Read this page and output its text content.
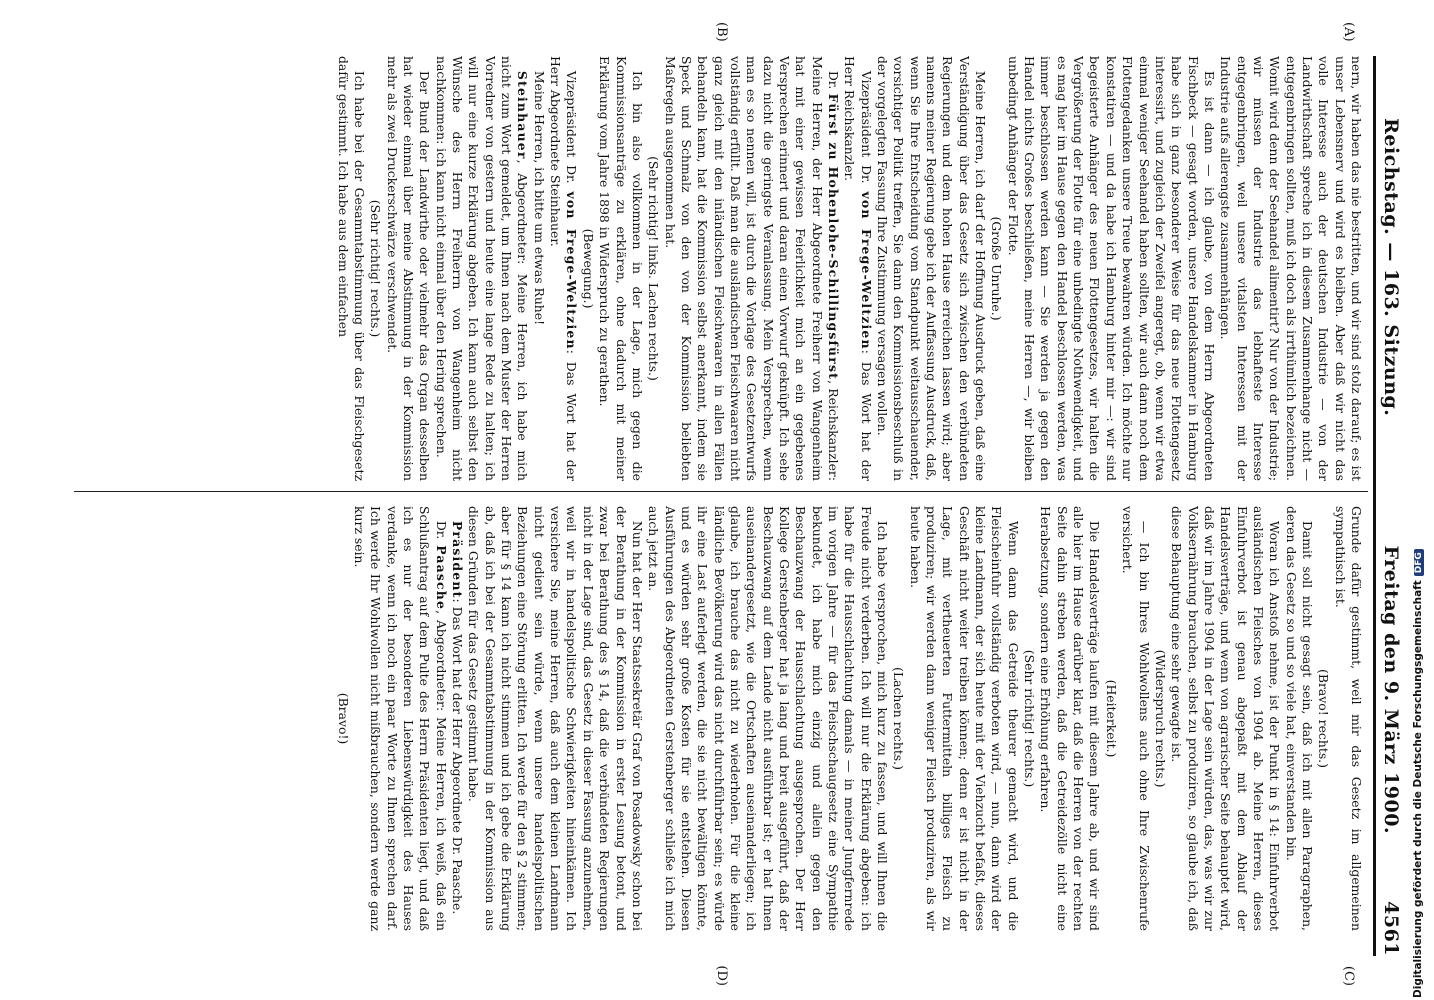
(A)
(B)
(C)
(D)
Reichstag. — 163. Sitzung.
Freitag den 9. März 1900.
4561

nern, wir haben das nie bestritten, und wir sind stolz darauf; es ist unser Lebensnerv und wird es bleiben. Aber daß wir nicht das volle Interesse auch der deutschen Industrie — von der Landwirthschaft spreche ich in diesem Zusammenhange nicht — entgegenbringen sollten, muß ich doch als irrthümlich bezeichnen. Womit wird denn der Seehandel alimentirt? Nur von der Industrie; wir müssen der Industrie das lebhafteste Interesse entgegenbringen, weil unsere vitalsten Interessen mit der Industrie aufs allerengste zusammenhängen.

Es ist dann — ich glaube, von dem Herrn Abgeordneten Fischbeck — gesagt worden, unsere Handelskammer in Hamburg habe sich in ganz besonderer Weise für das neue Flottengesetz interessirt, und zugleich der Zweifel angeregt, ob, wenn wir etwa einmal weniger Seehandel haben sollten, wir auch dann noch dem Flottengedanken unsere Treue bewahren würden. Ich möchte nur konstatiren — und da habe ich Hamburg hinter mir —: wir sind begeisterte Anhänger des neuen Flottengesetzes, wir halten die Vergrößerung der Flotte für eine unbedingte Nothwendigkeit, und es mag hier im Hause gegen den Handel beschlossen werden, was immer beschlossen werden kann — Sie werden ja gegen den Handel nichts Großes beschließen, meine Herren —, wir bleiben unbedingt Anhänger der Flotte.

(Große Unruhe.)

Meine Herren, ich darf der Hoffnung Ausdruck geben, daß eine Verständigung über das Gesetz sich zwischen den verbündeten Regierungen und dem hohen Hause erreichen lassen wird; aber namens meiner Regierung gebe ich der Auffassung Ausdruck, daß, wenn Sie Ihre Entscheidung vom Standpunkt weitausschauender, vorsichtiger Politik treffen, Sie dann den Kommissionsbeschluß in der vorgelegten Fassung Ihre Zustimmung versagen wollen.

Vizepräsident Dr. von Frege-Weltzien: Das Wort hat der Herr Reichskanzler.

Dr. Fürst zu Hohenlohe-Schillingsfürst, Reichskanzler: Meine Herren, der Herr Abgeordnete Freiherr von Wangenheim hat mit einer gewissen Feierlichkeit mich an ein gegebenes Versprechen erinnert und daran einen Vorwurf geknüpft. Ich sehe dazu nicht die geringste Veranlassung. Mein Versprechen, wenn man es so nennen will, ist durch die Vorlage des Gesetzentwurfs vollständig erfüllt. Daß man die ausländischen Fleischwaaren nicht ganz gleich mit den inländischen Fleischwaaren in allen Fällen behandeln kann, hat die Kommission selbst anerkannt, indem sie Speck und Schmalz von den von der Kommission beliebten Maßregeln ausgenommen hat.

(Sehr richtig! links. Lachen rechts.)

Ich bin also vollkommen in der Lage, mich gegen die Kommissionsanträge zu erklären, ohne dadurch mit meiner Erklärung vom Jahre 1898 in Widerspruch zu gerathen.

(Bewegung.)

Vizepräsident Dr. von Frege-Weltzien: Das Wort hat der Herr Abgeordnete Steinhauer.

Meine Herren, ich bitte um etwas Ruhe!

Steinhauer, Abgeordneter: Meine Herren, ich habe mich nicht zum Wort gemeldet, um Ihnen nach dem Muster der Herren Vorredner von gestern und heute eine lange Rede zu halten; ich will nur eine kurze Erklärung abgeben. Ich kann auch selbst den Wünsche des Herrn Freiherrn von Wangenheim nicht nachkommen: ich kann nicht einmal über den Hering sprechen.

Der Bund der Landwirthe oder vielmehr das Organ desselben hat wieder einmal über meine Abstimmung in der Kommission mehr als zwei Druckerschwärze verschwendet.

(Sehr richtig! rechts.)

Ich habe bei der Gesammtabstimmung über das Fleischgesetz dafür gestimmt. Ich habe aus dem einfachen

Grunde dafür gestimmt, weil mir das Gesetz im allgemeinen sympathisch ist.

(Bravo! rechts.)

Damit soll nicht gesagt sein, daß ich mit allen Paragraphen, deren das Gesetz so und so viele hat, einverstanden bin.

Woran ich Anstoß nehme, ist der Punkt in § 14: Einfuhrverbot ausländischen Fleisches von 1904 ab. Meine Herren, dieses Einfuhrverbot ist genau abgepaßt mit dem Ablauf der Handelsverträge, und wenn von agrarischer Seite behauptet wird, daß wir im Jahre 1904 in der Lage sein würden, das, was wir zur Volksernährung brauchen, selbst zu produziren, so glaube ich, daß diese Behauptung eine sehr gewagte ist.

(Widerspruch rechts.)

— Ich bin Ihres Wohlwollens auch ohne Ihre Zwischenrufe versichert.

(Heiterkeit.)

Die Handelsverträge laufen mit diesem Jahre ab, und wir sind alle hier im Hause darüber klar, daß die Herren von der rechten Seite dahin streben werden, daß die Getreidezölle nicht eine Herabsetzung, sondern eine Erhöhung erfahren.

(Sehr richtig! rechts.)

Wenn dann das Getreide theurer gemacht wird, und die Fleischeinfuhr vollständig verboten wird, — nun, dann wird der kleine Landmann, der sich heute mit der Viehzucht befaßt, dieses Geschäft nicht weiter treiben können; denn er ist nicht in der Lage, mit vertheuerten Futtermitteln billiges Fleisch zu produziren; wir werden dann weniger Fleisch produziren, als wir heute haben.

(Lachen rechts.)

Ich habe versprochen, mich kurz zu fassen, und will Ihnen die Freude nicht verderben. Ich will nur die Erklärung abgeben: ich habe für die Hausschlachtung damals — in meiner Jungfernrede im vorigen Jahre — für das Fleischschaugesetz eine Sympathie bekundet, ich habe mich einzig und allein gegen den Beschauzwang der Hausschlachtung ausgesprochen. Der Herr Kollege Gerstenberger hat ja lang und breit ausgeführt, daß der Beschauzwang auf dem Lande nicht ausführbar ist; er hat Ihnen auseinandergesetzt, wie die Ortschaften auseinanderliegen; ich glaube, ich brauche das nicht zu wiederholen. Für die kleine ländliche Bevölkerung wird das nicht durchführbar sein; es würde ihr eine Last auferlegt werden, die sie nicht bewältigen könnte, und es würden sehr große Kosten für sie entstehen. Diesen Ausführungen des Abgeordneten Gerstenberger schließe ich mich auch jetzt an.

Nun hat der Herr Staatssekretär Graf von Posadowsky schon bei der Berathung in der Kommission in erster Lesung betont, und zwar bei Berathung des § 14, daß die verbündeten Regierungen nicht in der Lage sind, das Gesetz in dieser Fassung anzunehmen, weil wir in handelspolitische Schwierigkeiten hineinkämen. Ich versichere Sie, meine Herren, daß auch dem kleinen Landmann nicht gedient sein würde, wenn unsere handelspolitischen Beziehungen eine Störung erlitten. Ich werde für den § 2 stimmen; aber für § 14 kann ich nicht stimmen und ich gebe die Erklärung ab, daß ich bei der Gesammtabstimmung in der Kommission aus diesen Gründen für das Gesetz gestimmt habe.

Präsident: Das Wort hat der Herr Abgeordnete Dr. Paasche.

Dr. Paasche, Abgeordneter: Meine Herren, ich weiß, daß ein Schlußantrag auf dem Pulte des Herrn Präsidenten liegt, und daß ich es nur der besonderen Liebenswürdigkeit des Hauses verdanke, wenn ich noch ein paar Worte zu Ihnen sprechen darf. Ich werde Ihr Wohlwollen nicht mißbrauchen, sondern werde ganz kurz sein.

(Bravo!)	Digitalisierung gefördert durch die Deutsche ForschungsgemeinschaftDFG
